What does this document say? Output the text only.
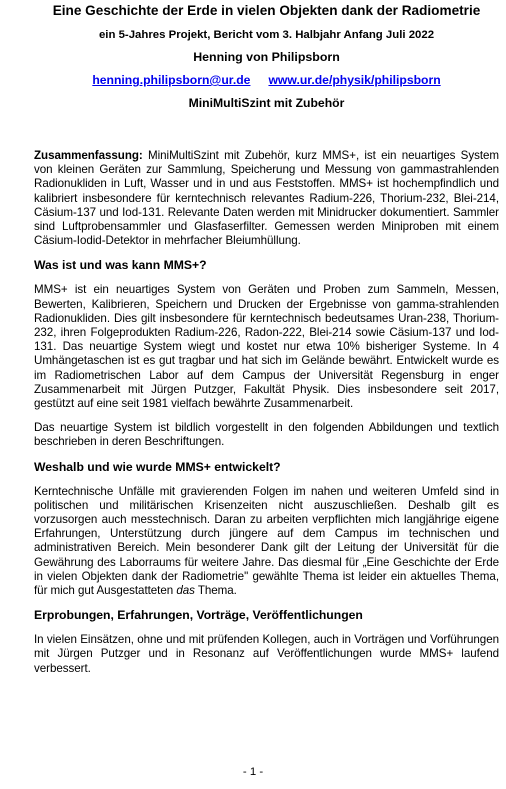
Eine Geschichte der Erde in vielen Objekten dank der Radiometrie

ein 5-Jahres Projekt, Bericht vom 3. Halbjahr Anfang Juli 2022

Henning von Philipsborn

henning.philipsborn@ur.de www.ur.de/physik/philipsborn

MiniMultiSzint mit Zubehör

Zusammenfassung: MiniMultiSzint mit Zubehör, kurz MMS+, ist ein neuartiges System von kleinen Geräten zur Sammlung, Speicherung und Messung von gammastrahlenden Radionukliden in Luft, Wasser und in und aus Feststoffen. MMS+ ist hochempfindlich und kalibriert insbesondere für kerntechnisch relevantes Radium-226, Thorium-232, Blei-214, Cäsium-137 und Iod-131. Relevante Daten werden mit Minidrucker dokumentiert. Sammler sind Luftprobensammler und Glasfaserfilter. Gemessen werden Miniproben mit einem Cäsium-Iodid-Detektor in mehrfacher Bleiumhüllung.

Was ist und was kann MMS+?

MMS+ ist ein neuartiges System von Geräten und Proben zum Sammeln, Messen, Bewerten, Kalibrieren, Speichern und Drucken der Ergebnisse von gamma-strahlenden Radionukliden. Dies gilt insbesondere für kerntechnisch bedeutsames Uran-238, Thorium-232, ihren Folgeprodukten Radium-226, Radon-222, Blei-214 sowie Cäsium-137 und Iod-131. Das neuartige System wiegt und kostet nur etwa 10% bisheriger Systeme. In 4 Umhängetaschen ist es gut tragbar und hat sich im Gelände bewährt. Entwickelt wurde es im Radiometrischen Labor auf dem Campus der Universität Regensburg in enger Zusammenarbeit mit Jürgen Putzger, Fakultät Physik. Dies insbesondere seit 2017, gestützt auf eine seit 1981 vielfach bewährte Zusammenarbeit.

Das neuartige System ist bildlich vorgestellt in den folgenden Abbildungen und textlich beschrieben in deren Beschriftungen.

Weshalb und wie wurde MMS+ entwickelt?

Kerntechnische Unfälle mit gravierenden Folgen im nahen und weiteren Umfeld sind in politischen und militärischen Krisenzeiten nicht auszuschließen. Deshalb gilt es vorzusorgen auch messtechnisch. Daran zu arbeiten verpflichten mich langjährige eigene Erfahrungen, Unterstützung durch jüngere auf dem Campus im technischen und administrativen Bereich. Mein besonderer Dank gilt der Leitung der Universität für die Gewährung des Laborraums für weitere Jahre. Das diesmal für „Eine Geschichte der Erde in vielen Objekten dank der Radiometrie" gewählte Thema ist leider ein aktuelles Thema, für mich gut Ausgestatteten das Thema.

Erprobungen, Erfahrungen, Vorträge, Veröffentlichungen

In vielen Einsätzen, ohne und mit prüfenden Kollegen, auch in Vorträgen und Vorführungen mit Jürgen Putzger und in Resonanz auf Veröffentlichungen wurde MMS+ laufend verbessert.

- 1 -
